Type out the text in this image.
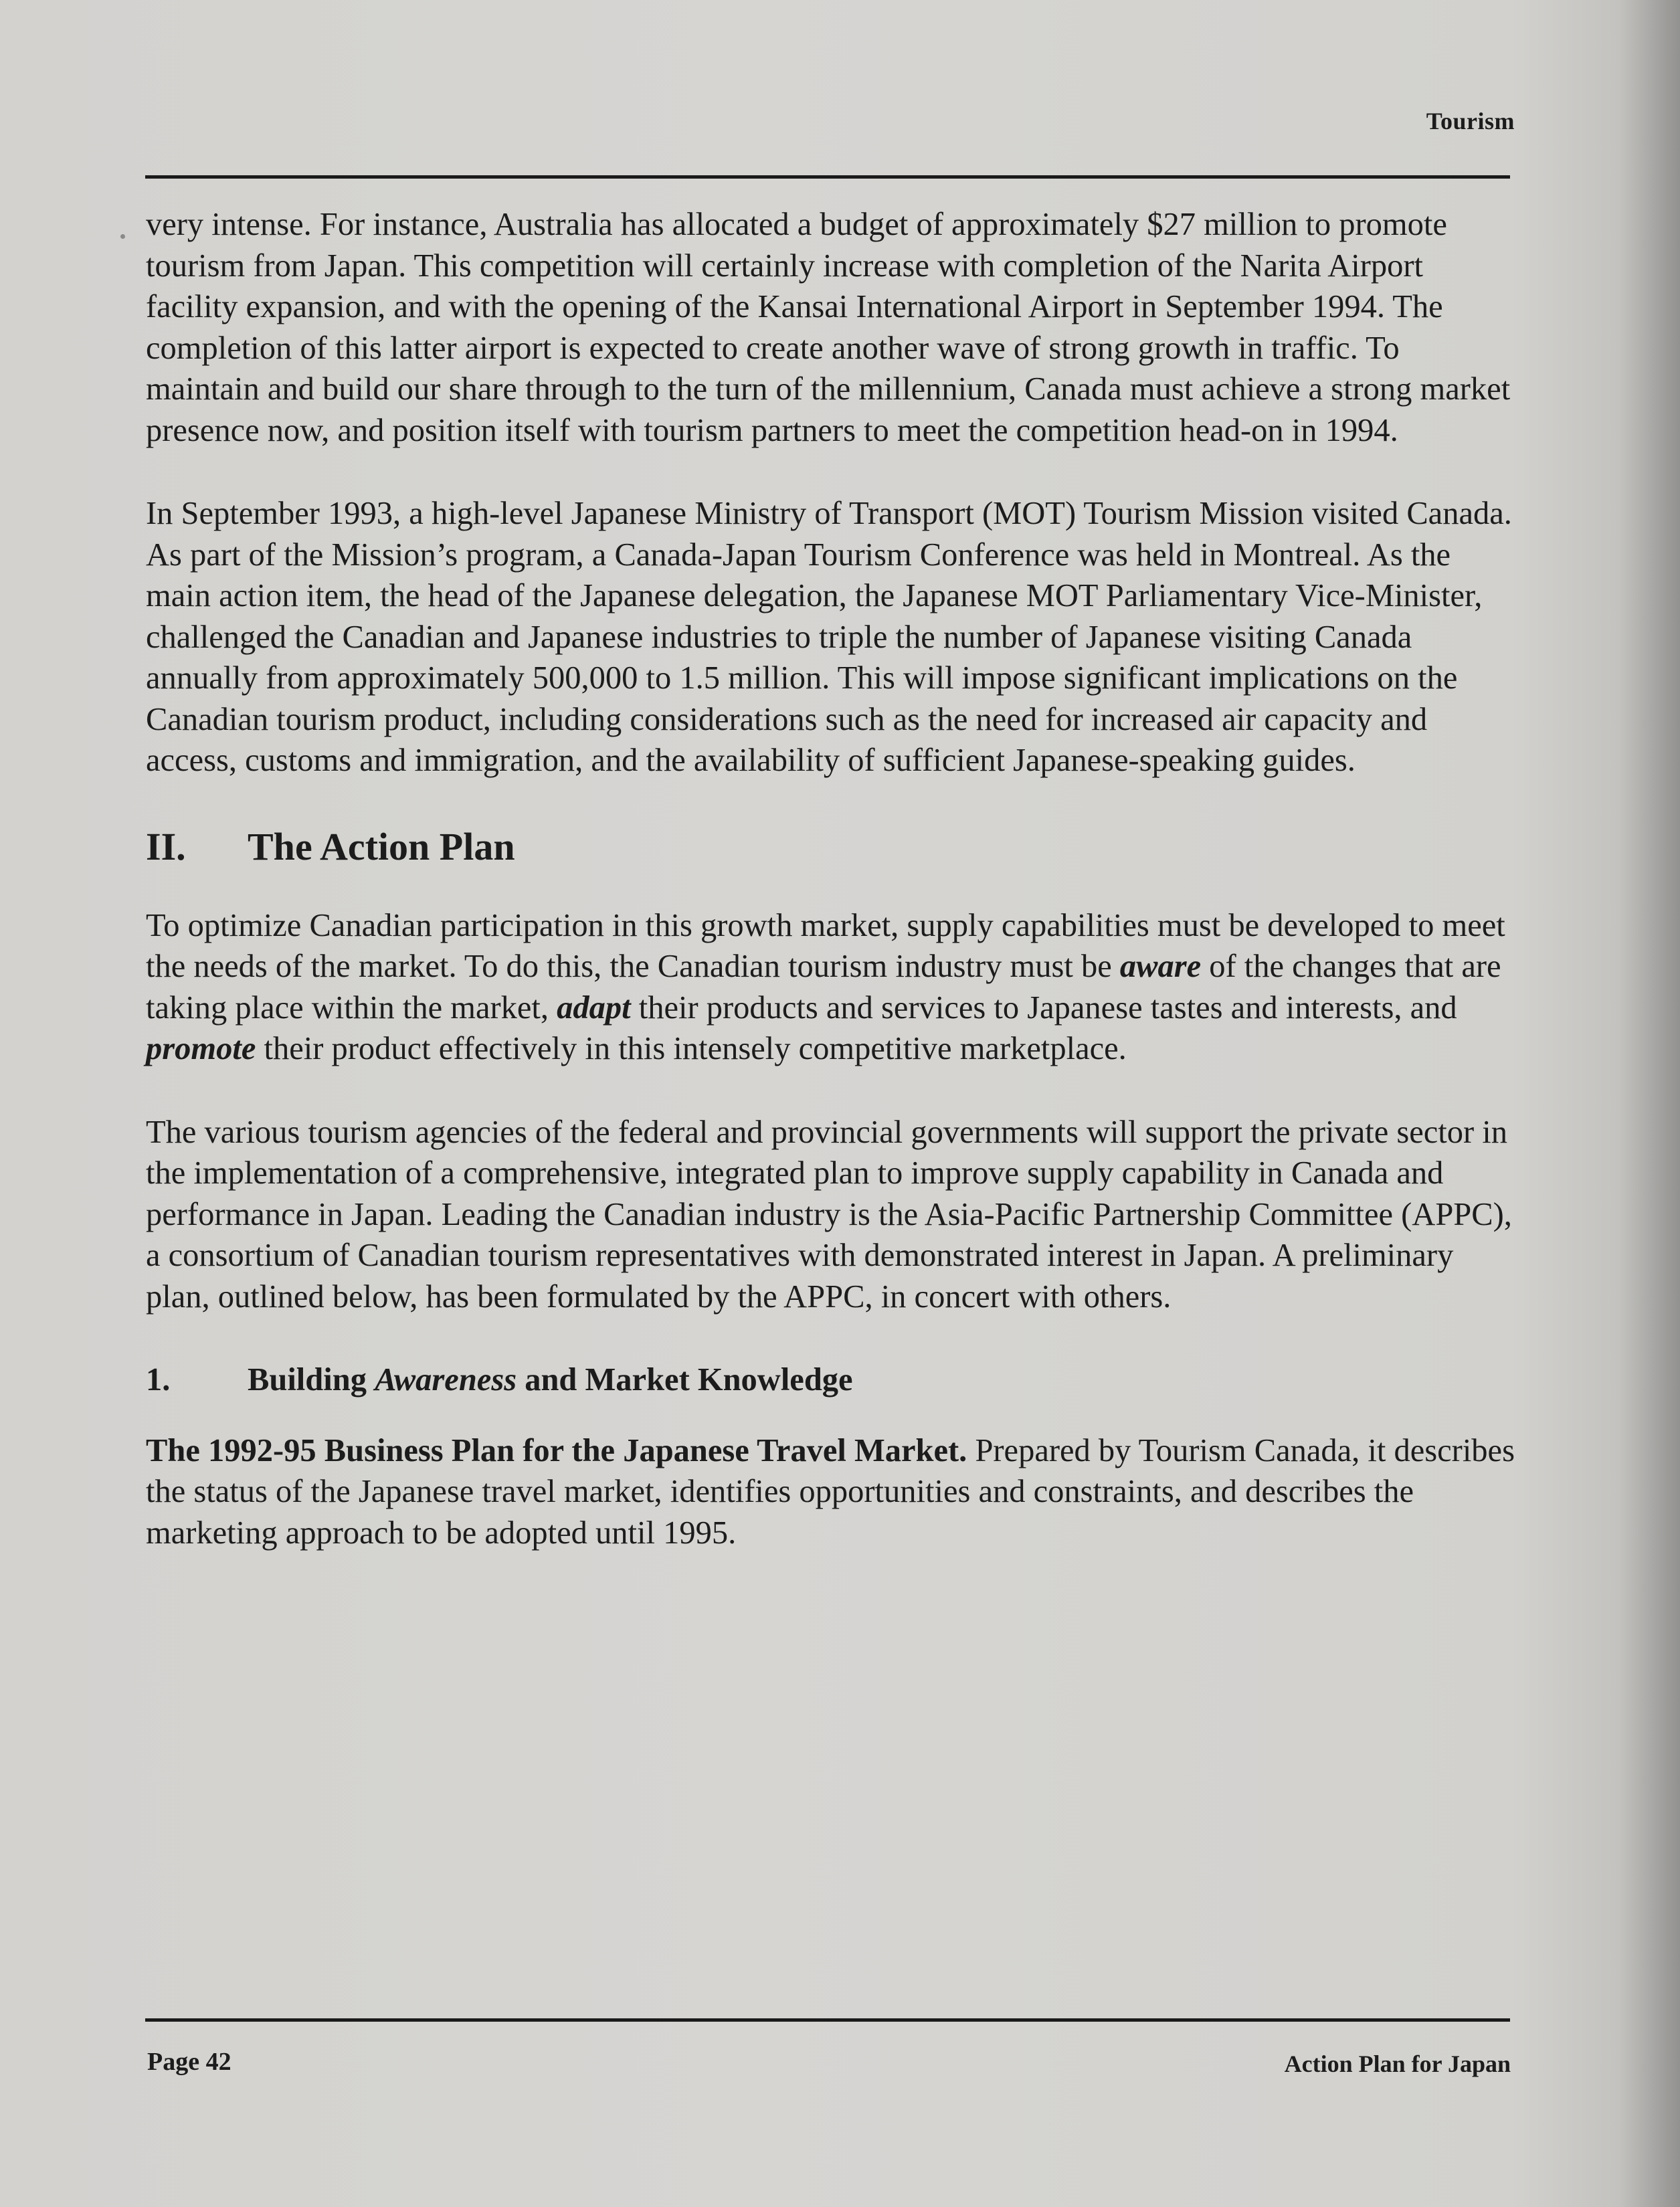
Tourism

very intense. For instance, Australia has allocated a budget of approximately $27 million to promote tourism from Japan. This competition will certainly increase with completion of the Narita Airport facility expansion, and with the opening of the Kansai International Airport in September 1994. The completion of this latter airport is expected to create another wave of strong growth in traffic. To maintain and build our share through to the turn of the millennium, Canada must achieve a strong market presence now, and position itself with tourism partners to meet the competition head-on in 1994.

In September 1993, a high-level Japanese Ministry of Transport (MOT) Tourism Mission visited Canada. As part of the Mission’s program, a Canada-Japan Tourism Conference was held in Montreal. As the main action item, the head of the Japanese delegation, the Japanese MOT Parliamentary Vice-Minister, challenged the Canadian and Japanese industries to triple the number of Japanese visiting Canada annually from approximately 500,000 to 1.5 million. This will impose significant implications on the Canadian tourism product, including considerations such as the need for increased air capacity and access, customs and immigration, and the availability of sufficient Japanese-speaking guides.

II. The Action Plan

To optimize Canadian participation in this growth market, supply capabilities must be developed to meet the needs of the market. To do this, the Canadian tourism industry must be aware of the changes that are taking place within the market, adapt their products and services to Japanese tastes and interests, and promote their product effectively in this intensely competitive marketplace.

The various tourism agencies of the federal and provincial governments will support the private sector in the implementation of a comprehensive, integrated plan to improve supply capability in Canada and performance in Japan. Leading the Canadian industry is the Asia-Pacific Partnership Committee (APPC), a consortium of Canadian tourism representatives with demonstrated interest in Japan. A preliminary plan, outlined below, has been formulated by the APPC, in concert with others.

1. Building Awareness and Market Knowledge

The 1992-95 Business Plan for the Japanese Travel Market. Prepared by Tourism Canada, it describes the status of the Japanese travel market, identifies opportunities and constraints, and describes the marketing approach to be adopted until 1995.

Page 42	Action Plan for Japan
